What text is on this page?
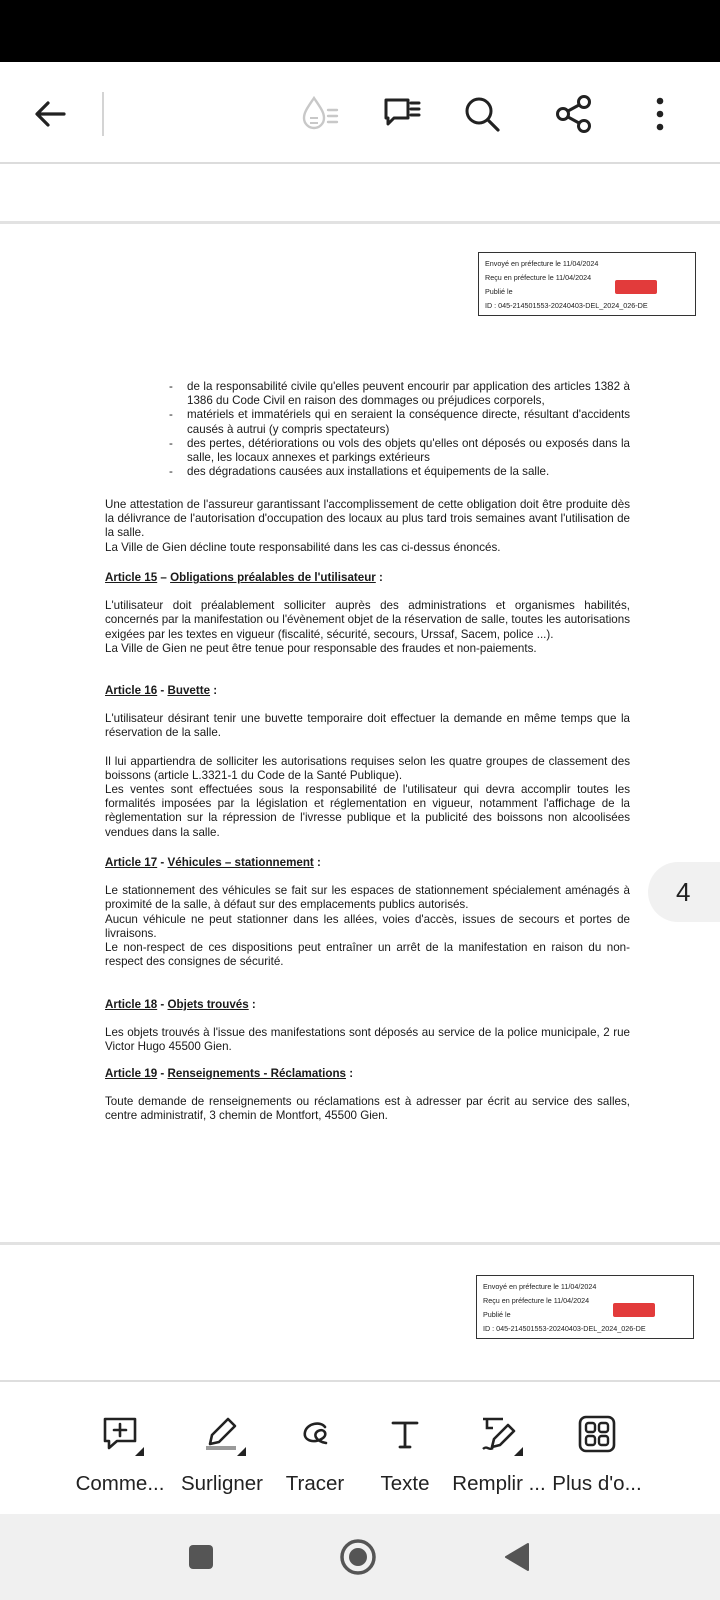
Envoyé en préfecture le 11/04/2024
Reçu en préfecture le 11/04/2024
Publié le
ID : 045-214501553-20240403-DEL_2024_026-DE
- de la responsabilité civile qu'elles peuvent encourir par application des articles 1382 à 1386 du Code Civil en raison des dommages ou préjudices corporels,
- matériels et immatériels qui en seraient la conséquence directe, résultant d'accidents causés à autrui (y compris spectateurs)
- des pertes, détériorations ou vols des objets qu'elles ont déposés ou exposés dans la salle, les locaux annexes et parkings extérieurs
- des dégradations causées aux installations et équipements de la salle.
Une attestation de l'assureur garantissant l'accomplissement de cette obligation doit être produite dès la délivrance de l'autorisation d'occupation des locaux au plus tard trois semaines avant l'utilisation de la salle.
La Ville de Gien décline toute responsabilité dans les cas ci-dessus énoncés.
Article 15 – Obligations préalables de l'utilisateur :
L'utilisateur doit préalablement solliciter auprès des administrations et organismes habilités, concernés par la manifestation ou l'évènement objet de la réservation de salle, toutes les autorisations exigées par les textes en vigueur (fiscalité, sécurité, secours, Urssaf, Sacem, police ...).
La Ville de Gien ne peut être tenue pour responsable des fraudes et non-paiements.
Article 16 - Buvette :
L'utilisateur désirant tenir une buvette temporaire doit effectuer la demande en même temps que la réservation de la salle.
Il lui appartiendra de solliciter les autorisations requises selon les quatre groupes de classement des boissons (article L.3321-1 du Code de la Santé Publique).
Les ventes sont effectuées sous la responsabilité de l'utilisateur qui devra accomplir toutes les formalités imposées par la législation et réglementation en vigueur, notamment l'affichage de la règlementation sur la répression de l'ivresse publique et la publicité des boissons non alcoolisées vendues dans la salle.
Article 17 - Véhicules – stationnement :
Le stationnement des véhicules se fait sur les espaces de stationnement spécialement aménagés à proximité de la salle, à défaut sur des emplacements publics autorisés.
Aucun véhicule ne peut stationner dans les allées, voies d'accès, issues de secours et portes de livraisons.
Le non-respect de ces dispositions peut entraîner un arrêt de la manifestation en raison du non-respect des consignes de sécurité.
Article 18 - Objets trouvés :
Les objets trouvés à l'issue des manifestations sont déposés au service de la police municipale, 2 rue Victor Hugo 45500 Gien.
Article 19 - Renseignements - Réclamations :
Toute demande de renseignements ou réclamations est à adresser par écrit au service des salles, centre administratif, 3 chemin de Montfort, 45500 Gien.
Envoyé en préfecture le 11/04/2024
Reçu en préfecture le 11/04/2024
Publié le
ID : 045-214501553-20240403-DEL_2024_026-DE
4
Comme... Surligner Tracer Texte Remplir ... Plus d'o...
